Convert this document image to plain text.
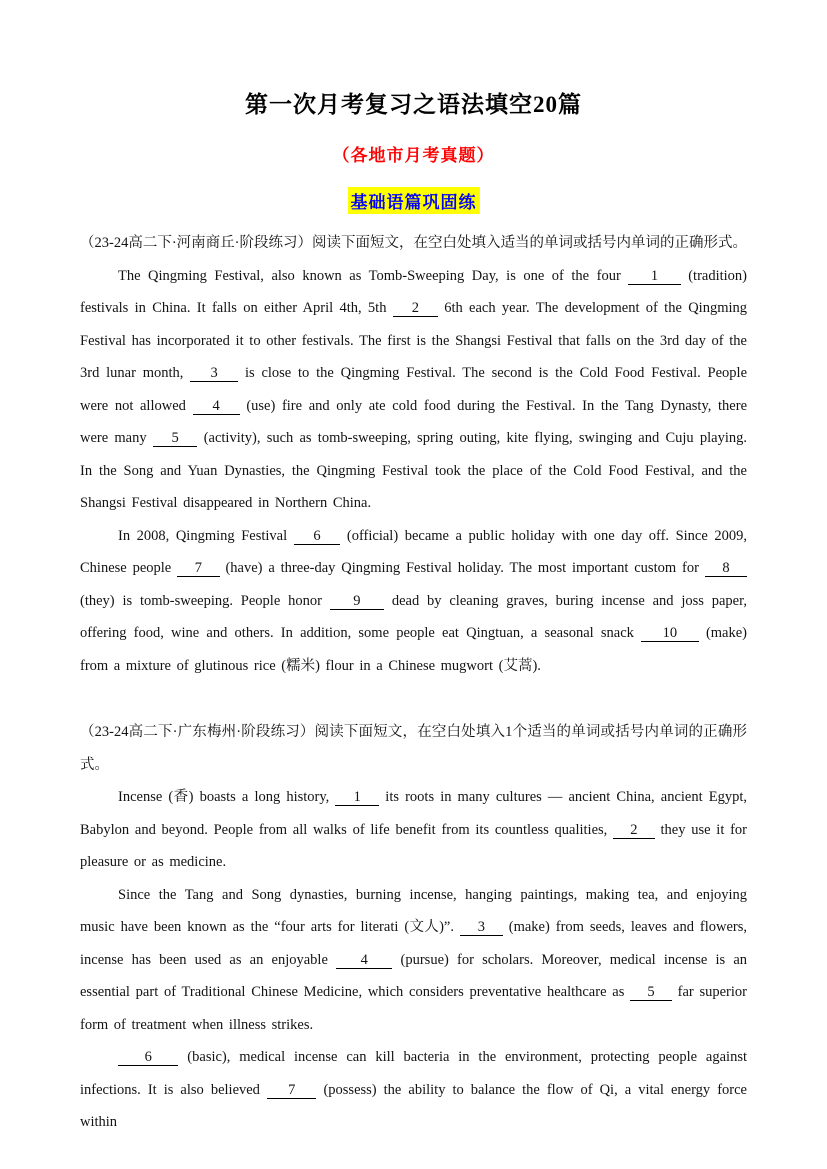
第一次月考复习之语法填空20篇
（各地市月考真题）
基础语篇巩固练

（23-24高二下·河南商丘·阶段练习）阅读下面短文，在空白处填入适当的单词或括号内单词的正确形式。

The Qingming Festival, also known as Tomb-Sweeping Day, is one of the four    1    (tradition) festivals in China. It falls on either April 4th, 5th    2    6th each year. The development of the Qingming Festival has incorporated it to other festivals. The first is the Shangsi Festival that falls on the 3rd day of the 3rd lunar month,    3    is close to the Qingming Festival. The second is the Cold Food Festival. People were not allowed    4    (use) fire and only ate cold food during the Festival. In the Tang Dynasty, there were many    5    (activity), such as tomb-sweeping, spring outing, kite flying, swinging and Cuju playing. In the Song and Yuan Dynasties, the Qingming Festival took the place of the Cold Food Festival, and the Shangsi Festival disappeared in Northern China.

In 2008, Qingming Festival    6    (official) became a public holiday with one day off. Since 2009, Chinese people    7    (have) a three-day Qingming Festival holiday. The most important custom for    8    (they) is tomb-sweeping. People honor    9    dead by cleaning graves, buring incense and joss paper, offering food, wine and others. In addition, some people eat Qingtuan, a seasonal snack    10    (make) from a mixture of glutinous rice (糯米) flour in a Chinese mugwort (艾蒿).

（23-24高二下·广东梅州·阶段练习）阅读下面短文，在空白处填入1个适当的单词或括号内单词的正确形式。

Incense (香) boasts a long history,    1    its roots in many cultures — ancient China, ancient Egypt, Babylon and beyond. People from all walks of life benefit from its countless qualities,    2    they use it for pleasure or as medicine.

Since the Tang and Song dynasties, burning incense, hanging paintings, making tea, and enjoying music have been known as the “four arts for literati (文人)”.    3    (make) from seeds, leaves and flowers, incense has been used as an enjoyable    4    (pursue) for scholars. Moreover, medical incense is an essential part of Traditional Chinese Medicine, which considers preventative healthcare as    5    far superior form of treatment when illness strikes.

6    (basic), medical incense can kill bacteria in the environment, protecting people against infections. It is also believed    7    (possess) the ability to balance the flow of Qi, a vital energy force within
